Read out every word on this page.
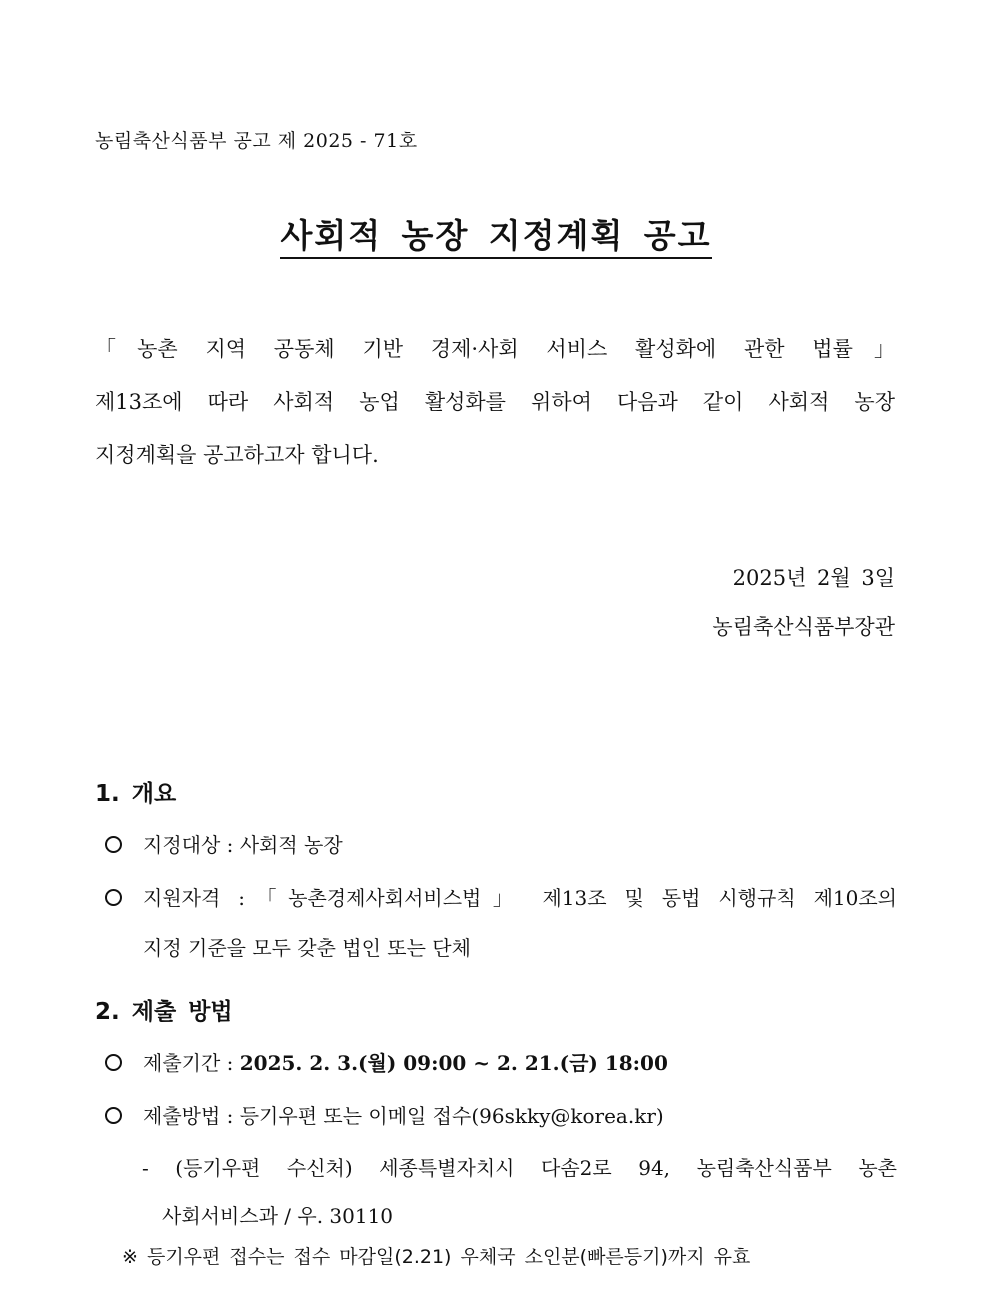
농림축산식품부 공고 제 2025 - 71호
사회적 농장 지정계획 공고
「농촌 지역 공동체 기반 경제·사회 서비스 활성화에 관한 법률」
제13조에 따라 사회적 농업 활성화를 위하여 다음과 같이 사회적 농장
지정계획을 공고하고자 합니다.
2025년 2월 3일
농림축산식품부장관
1. 개요
지정대상 : 사회적 농장
지원자격 :「농촌경제사회서비스법」 제13조 및 동법 시행규칙 제10조의
지정 기준을 모두 갖춘 법인 또는 단체
2. 제출 방법
제출기간 : 2025. 2. 3.(월) 09:00 ~ 2. 21.(금) 18:00
제출방법 : 등기우편 또는 이메일 접수(96skky@korea.kr)
- (등기우편 수신처) 세종특별자치시 다솜2로 94, 농림축산식품부 농촌
사회서비스과 / 우. 30110
※ 등기우편 접수는 접수 마감일(2.21) 우체국 소인분(빠른등기)까지 유효
